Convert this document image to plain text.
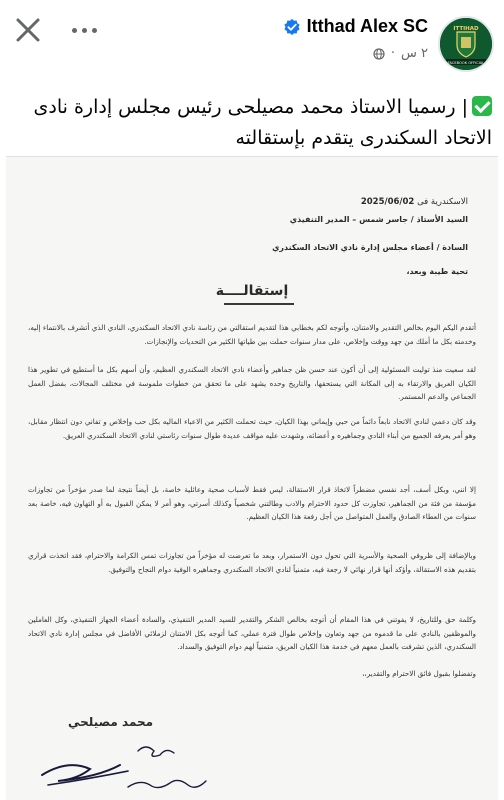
Itthad Alex SC
٢ س
·
ITTIHAD
FACEBOOK OFFICIAL
| رسميا الاستاذ محمد مصيلحى رئيس مجلس إدارة نادى
الاتحاد السكندرى يتقدم بإستقالته
الاسكندرية فى 2025/06/02
السيد الأستاذ / جاسر شمس – المدير التنفيذي
السادة / أعضاء مجلس إدارة نادي الاتحاد السكندري
تحية طيبة وبعد،
إستقالــــة
أتقدم اليكم اليوم بخالص التقدير والامتنان، وأتوجه لكم بخطابي هذا لتقديم استقالتي من رئاسة نادي الاتحاد السكندري، النادي الذي أتشرف بالانتماء إليه، وخدمته بكل ما أملك من جهد ووقت وإخلاص، على مدار سنوات حملت بين طياتها الكثير من التحديات والإنجازات.
لقد سعيت منذ توليت المسئولية إلى أن أكون عند حسن ظن جماهير وأعضاء نادي الاتحاد السكندري العظيم، وأن أسهم بكل ما أستطيع في تطوير هذا الكيان العريق والارتقاء به إلى المكانة التي يستحقها، والتاريخ وحده يشهد على ما تحقق من خطوات ملموسة في مختلف المجالات، بفضل العمل الجماعي والدعم المستمر.
وقد كان دعمي لنادي الاتحاد نابعاً دائماً من حبي وإيماني بهذا الكيان، حيث تحملت الكثير من الاعباء الماليه بكل حب وإخلاص و تفاني دون انتظار مقابل، وهو أمر يعرفه الجميع من أبناء النادي وجماهيره و أعضائه، وشهدت عليه مواقف عديدة طوال سنوات رئاستي لنادي الاتحاد السكندري العريق.
إلا انني، وبكل أسف، أجد نفسي مضطراً لاتخاذ قرار الاستقالة، ليس فقط لأسباب صحية وعائلية خاصة، بل أيضاً نتيجة لما صدر مؤخراً من تجاوزات مؤسفة من فئة من الجماهير، تجاوزت كل حدود الاحترام والادب وطالتني شخصياً وكذلك أسرتي، وهو أمر لا يمكن القبول به أو التهاون فيه، خاصة بعد سنوات من العطاء الصادق والعمل المتواصل من أجل رفعة هذا الكيان العظيم.
وبالإضافة إلى ظروفي الصحية والأسرية التي تحول دون الاستمرار، وبعد ما تعرضت له مؤخراً من تجاوزات تمس الكرامة والاحترام، فقد اتخذت قراري بتقديم هذه الاستقالة، وأؤكد أنها قرار نهائي لا رجعة فيه، متمنياً لنادي الاتحاد السكندري وجماهيره الوفية دوام النجاح والتوفيق.
وكلمة حق وللتاريخ، لا يفوتني في هذا المقام أن أتوجه بخالص الشكر والتقدير للسيد المدير التنفيذي، والسادة أعضاء الجهاز التنفيذي، وكل العاملين والموظفين بالنادي على ما قدموه من جهد وتعاون وإخلاص طوال فترة عملي، كما أتوجه بكل الامتنان لزملائي الأفاضل في مجلس إدارة نادي الاتحاد السكندري، الذين تشرفت بالعمل معهم في خدمة هذا الكيان العريق، متمنياً لهم دوام التوفيق والسداد.
وتفضلوا بقبول فائق الاحترام والتقدير،،
محمد مصيلحي
